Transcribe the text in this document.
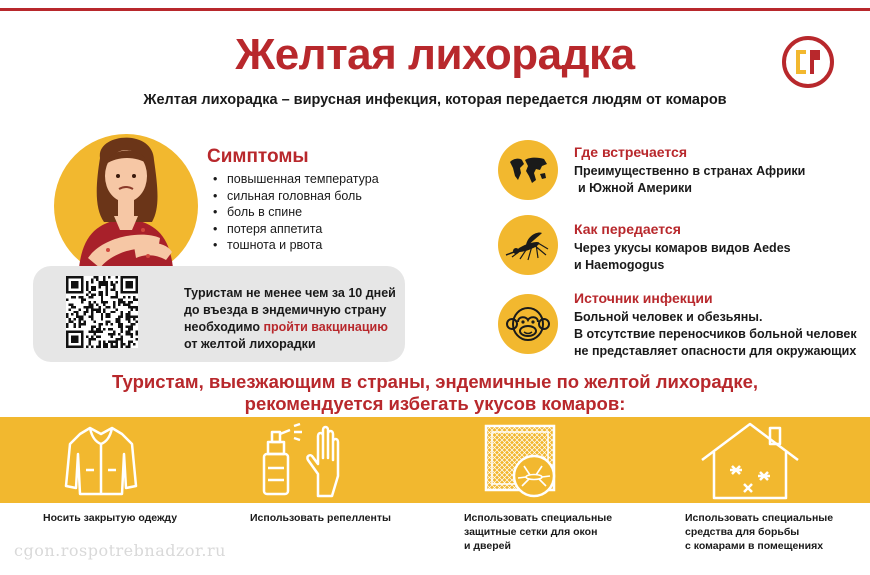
Желтая лихорадка
Желтая лихорадка – вирусная инфекция, которая передается людям от комаров
Симптомы
• повышенная температура
• сильная головная боль
• боль в спине
• потеря аппетита
• тошнота и рвота
Туристам не менее чем за 10 дней
до въезда в эндемичную страну
необходимо пройти вакцинацию
от желтой лихорадки
Где встречается
Преимущественно в странах Африки
и Южной Америки
Как передается
Через укусы комаров видов Aedes
и Haemogogus
Источник инфекции
Больной человек и обезьяны.
В отсутствие переносчиков больной человек
не представляет опасности для окружающих
Туристам, выезжающим в страны, эндемичные по желтой лихорадке,
рекомендуется избегать укусов комаров:
Носить закрытую одежду	Использовать репелленты	Использовать специальные
защитные сетки для окон
и дверей
Использовать специальные
средства для борьбы
с комарами в помещениях
cgon.rospotrebnadzor.ru
